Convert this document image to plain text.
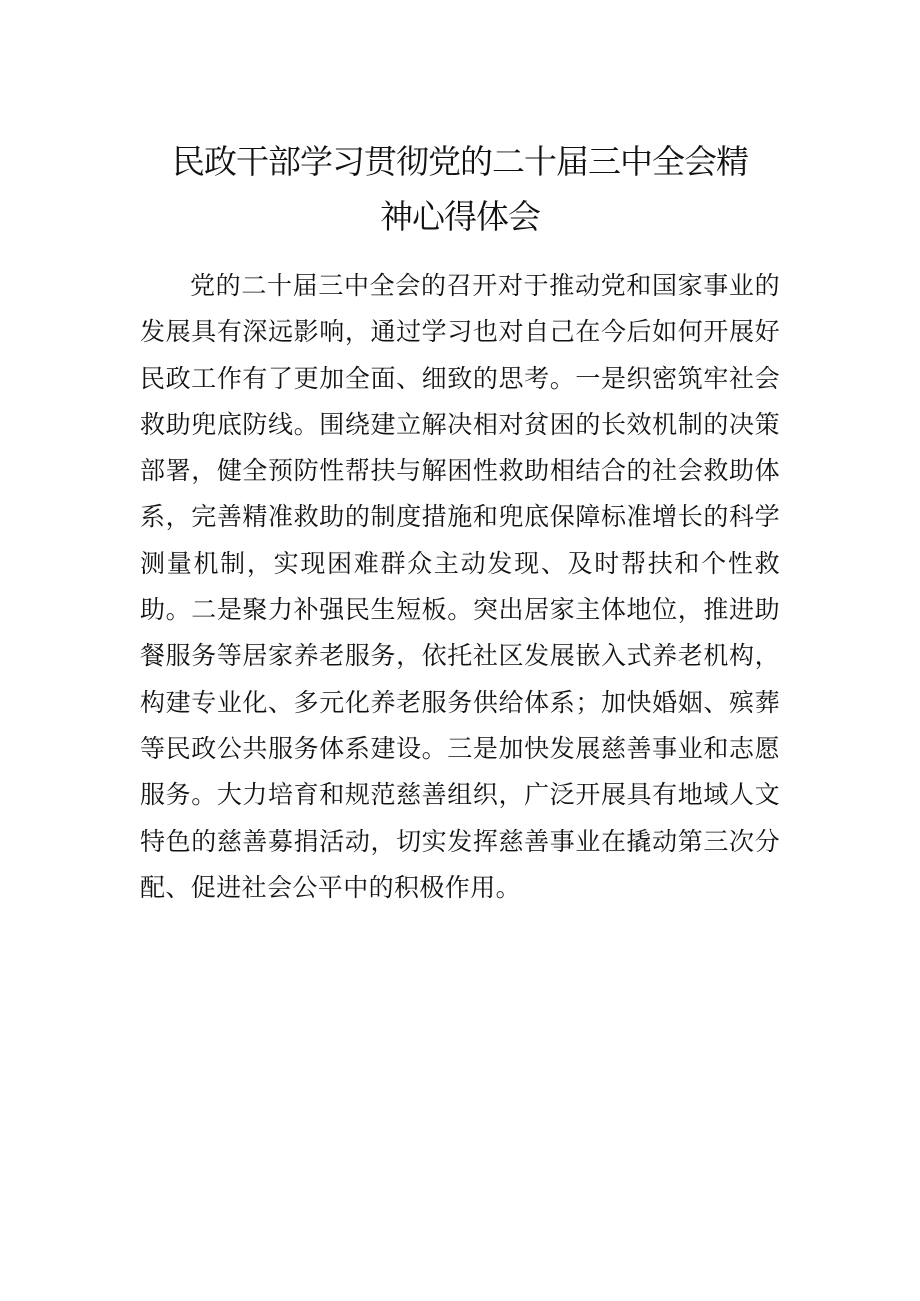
民政干部学习贯彻党的二十届三中全会精
神心得体会

党的二十届三中全会的召开对于推动党和国家事业的发展具有深远影响，通过学习也对自己在今后如何开展好民政工作有了更加全面、细致的思考。一是织密筑牢社会救助兜底防线。围绕建立解决相对贫困的长效机制的决策部署，健全预防性帮扶与解困性救助相结合的社会救助体系，完善精准救助的制度措施和兜底保障标准增长的科学测量机制，实现困难群众主动发现、及时帮扶和个性救助。二是聚力补强民生短板。突出居家主体地位，推进助餐服务等居家养老服务，依托社区发展嵌入式养老机构，构建专业化、多元化养老服务供给体系；加快婚姻、殡葬等民政公共服务体系建设。三是加快发展慈善事业和志愿服务。大力培育和规范慈善组织，广泛开展具有地域人文特色的慈善募捐活动，切实发挥慈善事业在撬动第三次分配、促进社会公平中的积极作用。
